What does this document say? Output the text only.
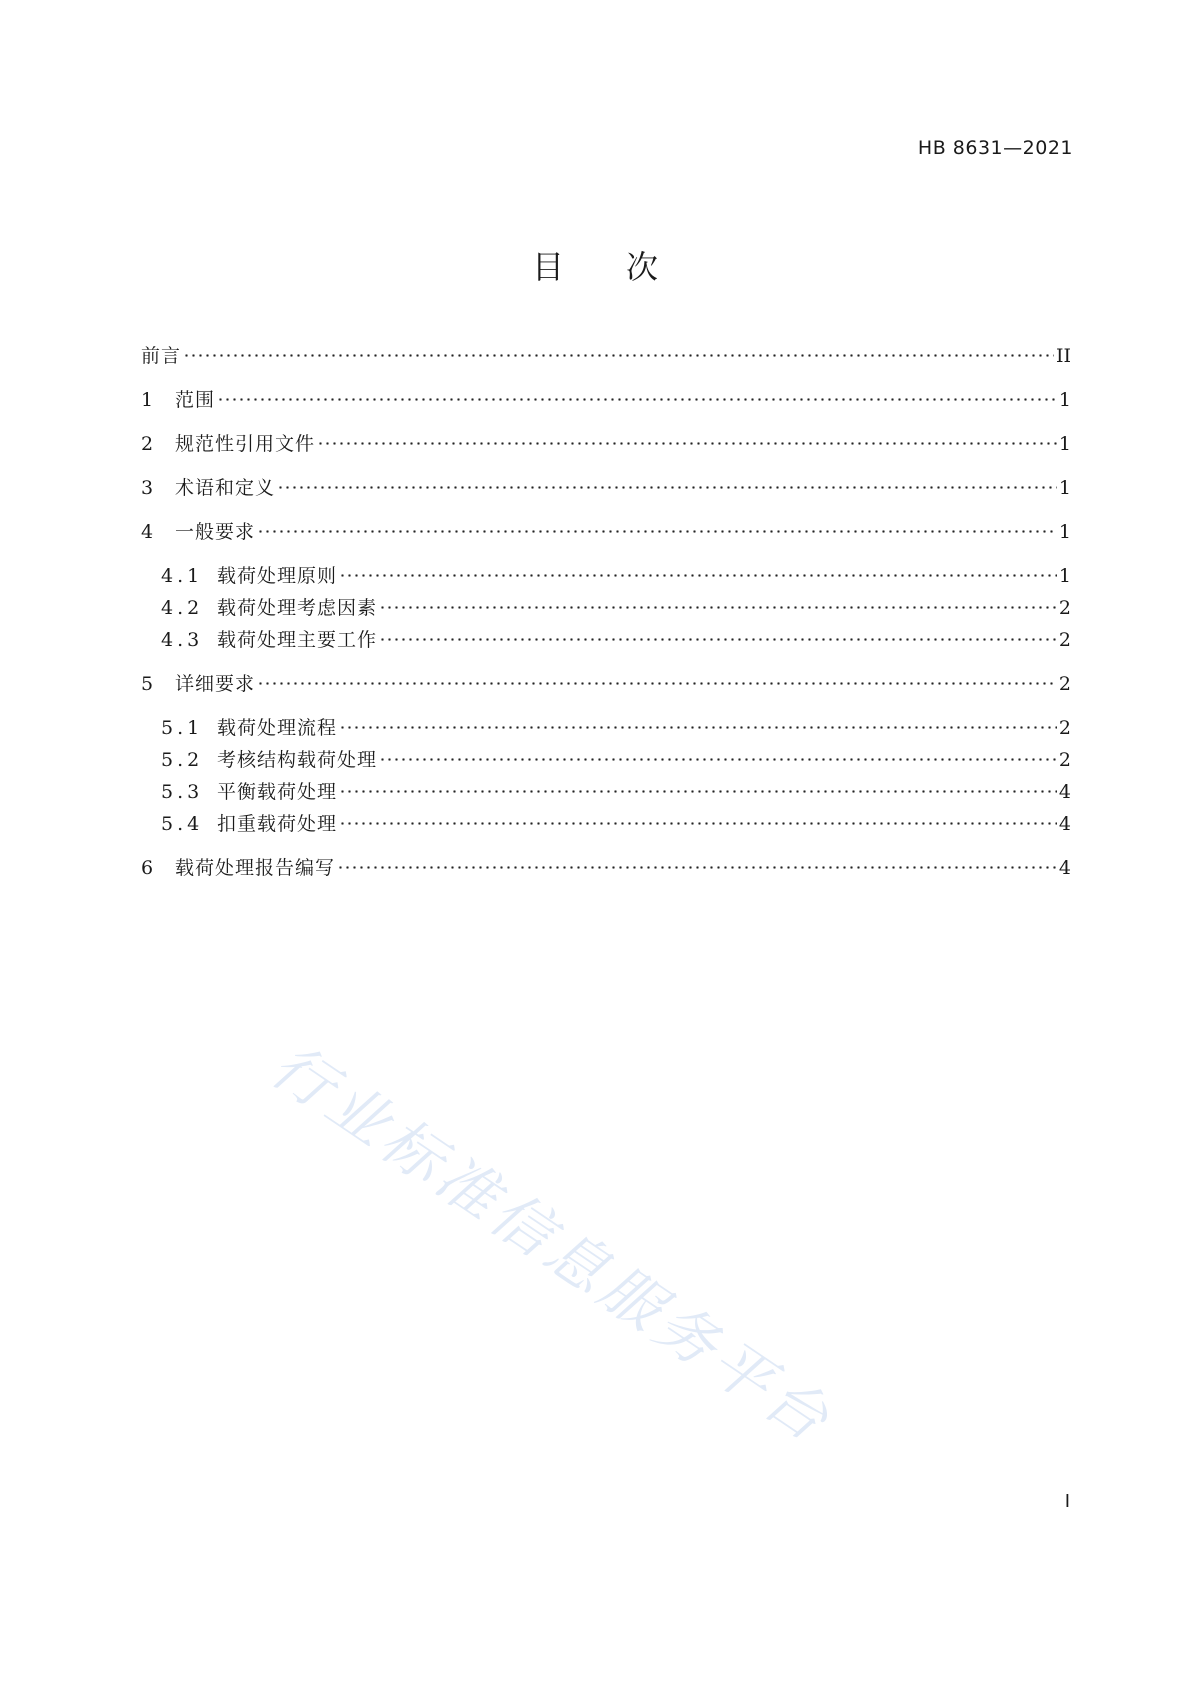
HB 8631—2021
目 次
前言	II
1 范围	1
2 规范性引用文件	1
3 术语和定义	1
4 一般要求	1
4.1 载荷处理原则	1
4.2 载荷处理考虑因素	2
4.3 载荷处理主要工作	2
5 详细要求	2
5.1 载荷处理流程	2
5.2 考核结构载荷处理	2
5.3 平衡载荷处理	4
5.4 扣重载荷处理	4
6 载荷处理报告编写	4
行业标准信息服务平台
I
